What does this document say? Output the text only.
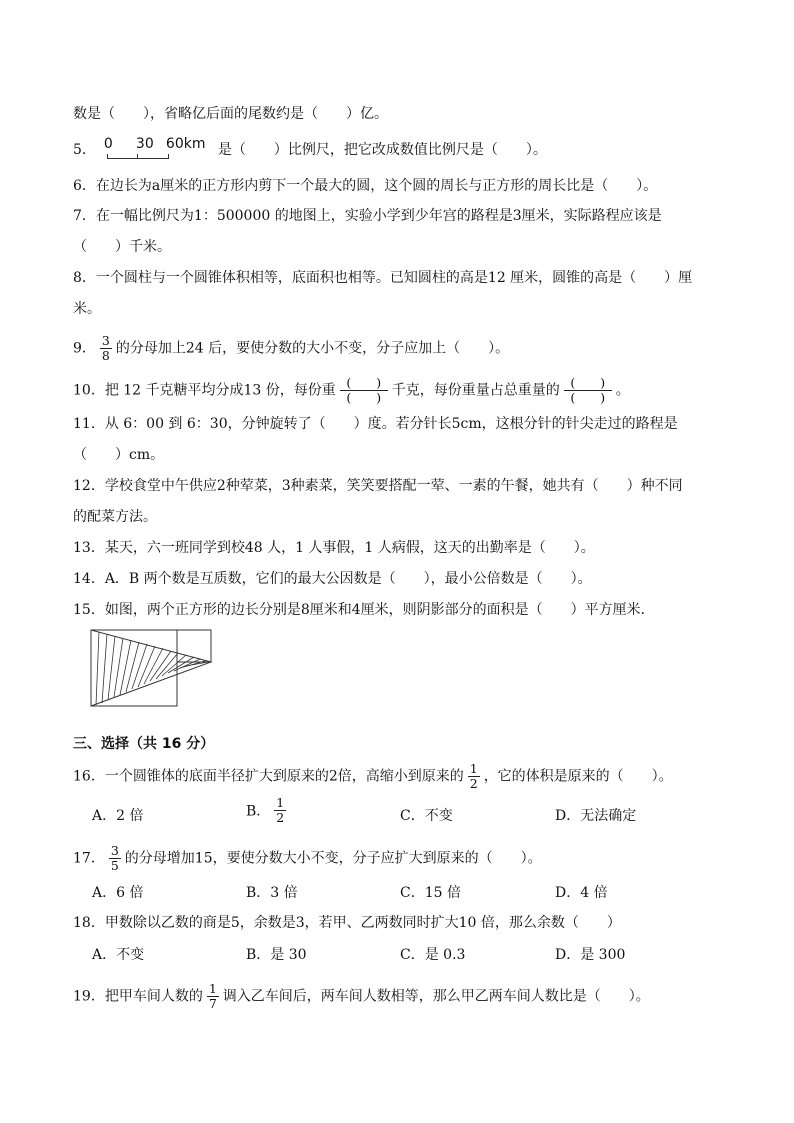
数是（　　），省略亿后面的尾数约是（　　）亿。
5． 0 30 60km 是（　　）比例尺，把它改成数值比例尺是（　　）。
6．在边长为a厘米的正方形内剪下一个最大的圆，这个圆的周长与正方形的周长比是（　　）。
7．在一幅比例尺为1：500000 的地图上，实验小学到少年宫的路程是3厘米，实际路程应该是
（　　）千米。
8．一个圆柱与一个圆锥体积相等，底面积也相等。已知圆柱的高是12 厘米，圆锥的高是（　　）厘
米。
9． $\frac{3}{8}$ 的分母加上24 后，要使分数的大小不变，分子应加上（　　）。
10．把 12 千克糖平均分成13 份，每份重 $\frac{( )}{( )}$ 千克，每份重量占总重量的 $\frac{( )}{( )}$ 。
11．从 6：00 到 6：30，分钟旋转了（　　）度。若分针长5cm，这根分针的针尖走过的路程是
（　　）cm。
12．学校食堂中午供应2种荤菜，3种素菜，笑笑要搭配一荤、一素的午餐，她共有（　　）种不同
的配菜方法。
13．某天，六一班同学到校48 人，1 人事假，1 人病假，这天的出勤率是（　　）。
14．A．B 两个数是互质数，它们的最大公因数是（　　），最小公倍数是（　　）。
15．如图，两个正方形的边长分别是8厘米和4厘米，则阴影部分的面积是（　　）平方厘米．
三、选择（共 16 分）
16．一个圆锥体的底面半径扩大到原来的2倍，高缩小到原来的 $\frac{1}{2}$ ，它的体积是原来的（　　）。
A．2 倍	B． $\frac{1}{2}$	C．不变	D．无法确定
17． $\frac{3}{5}$ 的分母增加15，要使分数大小不变，分子应扩大到原来的（　　）。
A．6 倍	B．3 倍	C．15 倍	D．4 倍
18．甲数除以乙数的商是5，余数是3，若甲、乙两数同时扩大10 倍，那么余数（　　）
A．不变	B．是 30	C．是 0.3	D．是 300
19．把甲车间人数的 $\frac{1}{7}$ 调入乙车间后，两车间人数相等，那么甲乙两车间人数比是（　　）。
